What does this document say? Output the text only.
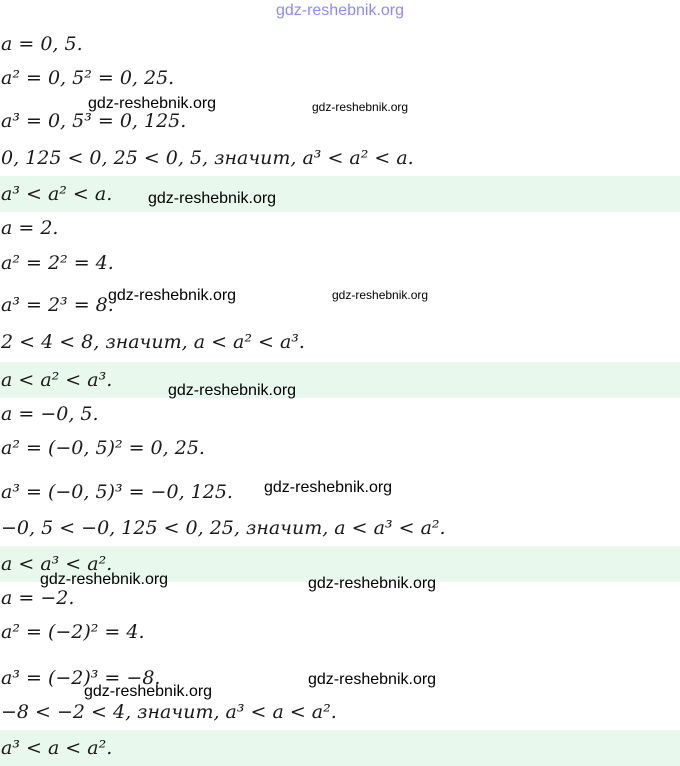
gdz-reshebnik.org
a = 0, 5.
a² = 0, 5² = 0, 25.
a³ = 0, 5³ = 0, 125.
0, 125 < 0, 25 < 0, 5, значит, a³ < a² < a.
a³ < a² < a.
a = 2.
a² = 2² = 4.
a³ = 2³ = 8.
2 < 4 < 8, значит, a < a² < a³.
a < a² < a³.
a = −0, 5.
a² = (−0, 5)² = 0, 25.
a³ = (−0, 5)³ = −0, 125.
−0, 5 < −0, 125 < 0, 25, значит, a < a³ < a².
a < a³ < a².
a = −2.
a² = (−2)² = 4.
a³ = (−2)³ = −8.
−8 < −2 < 4, значит, a³ < a < a².
a³ < a < a².
gdz-reshebnik.org	gdz-reshebnik.org
gdz-reshebnik.org
gdz-reshebnik.org	gdz-reshebnik.org
gdz-reshebnik.org
gdz-reshebnik.org
gdz-reshebnik.org	gdz-reshebnik.org
gdz-reshebnik.org
gdz-reshebnik.org
